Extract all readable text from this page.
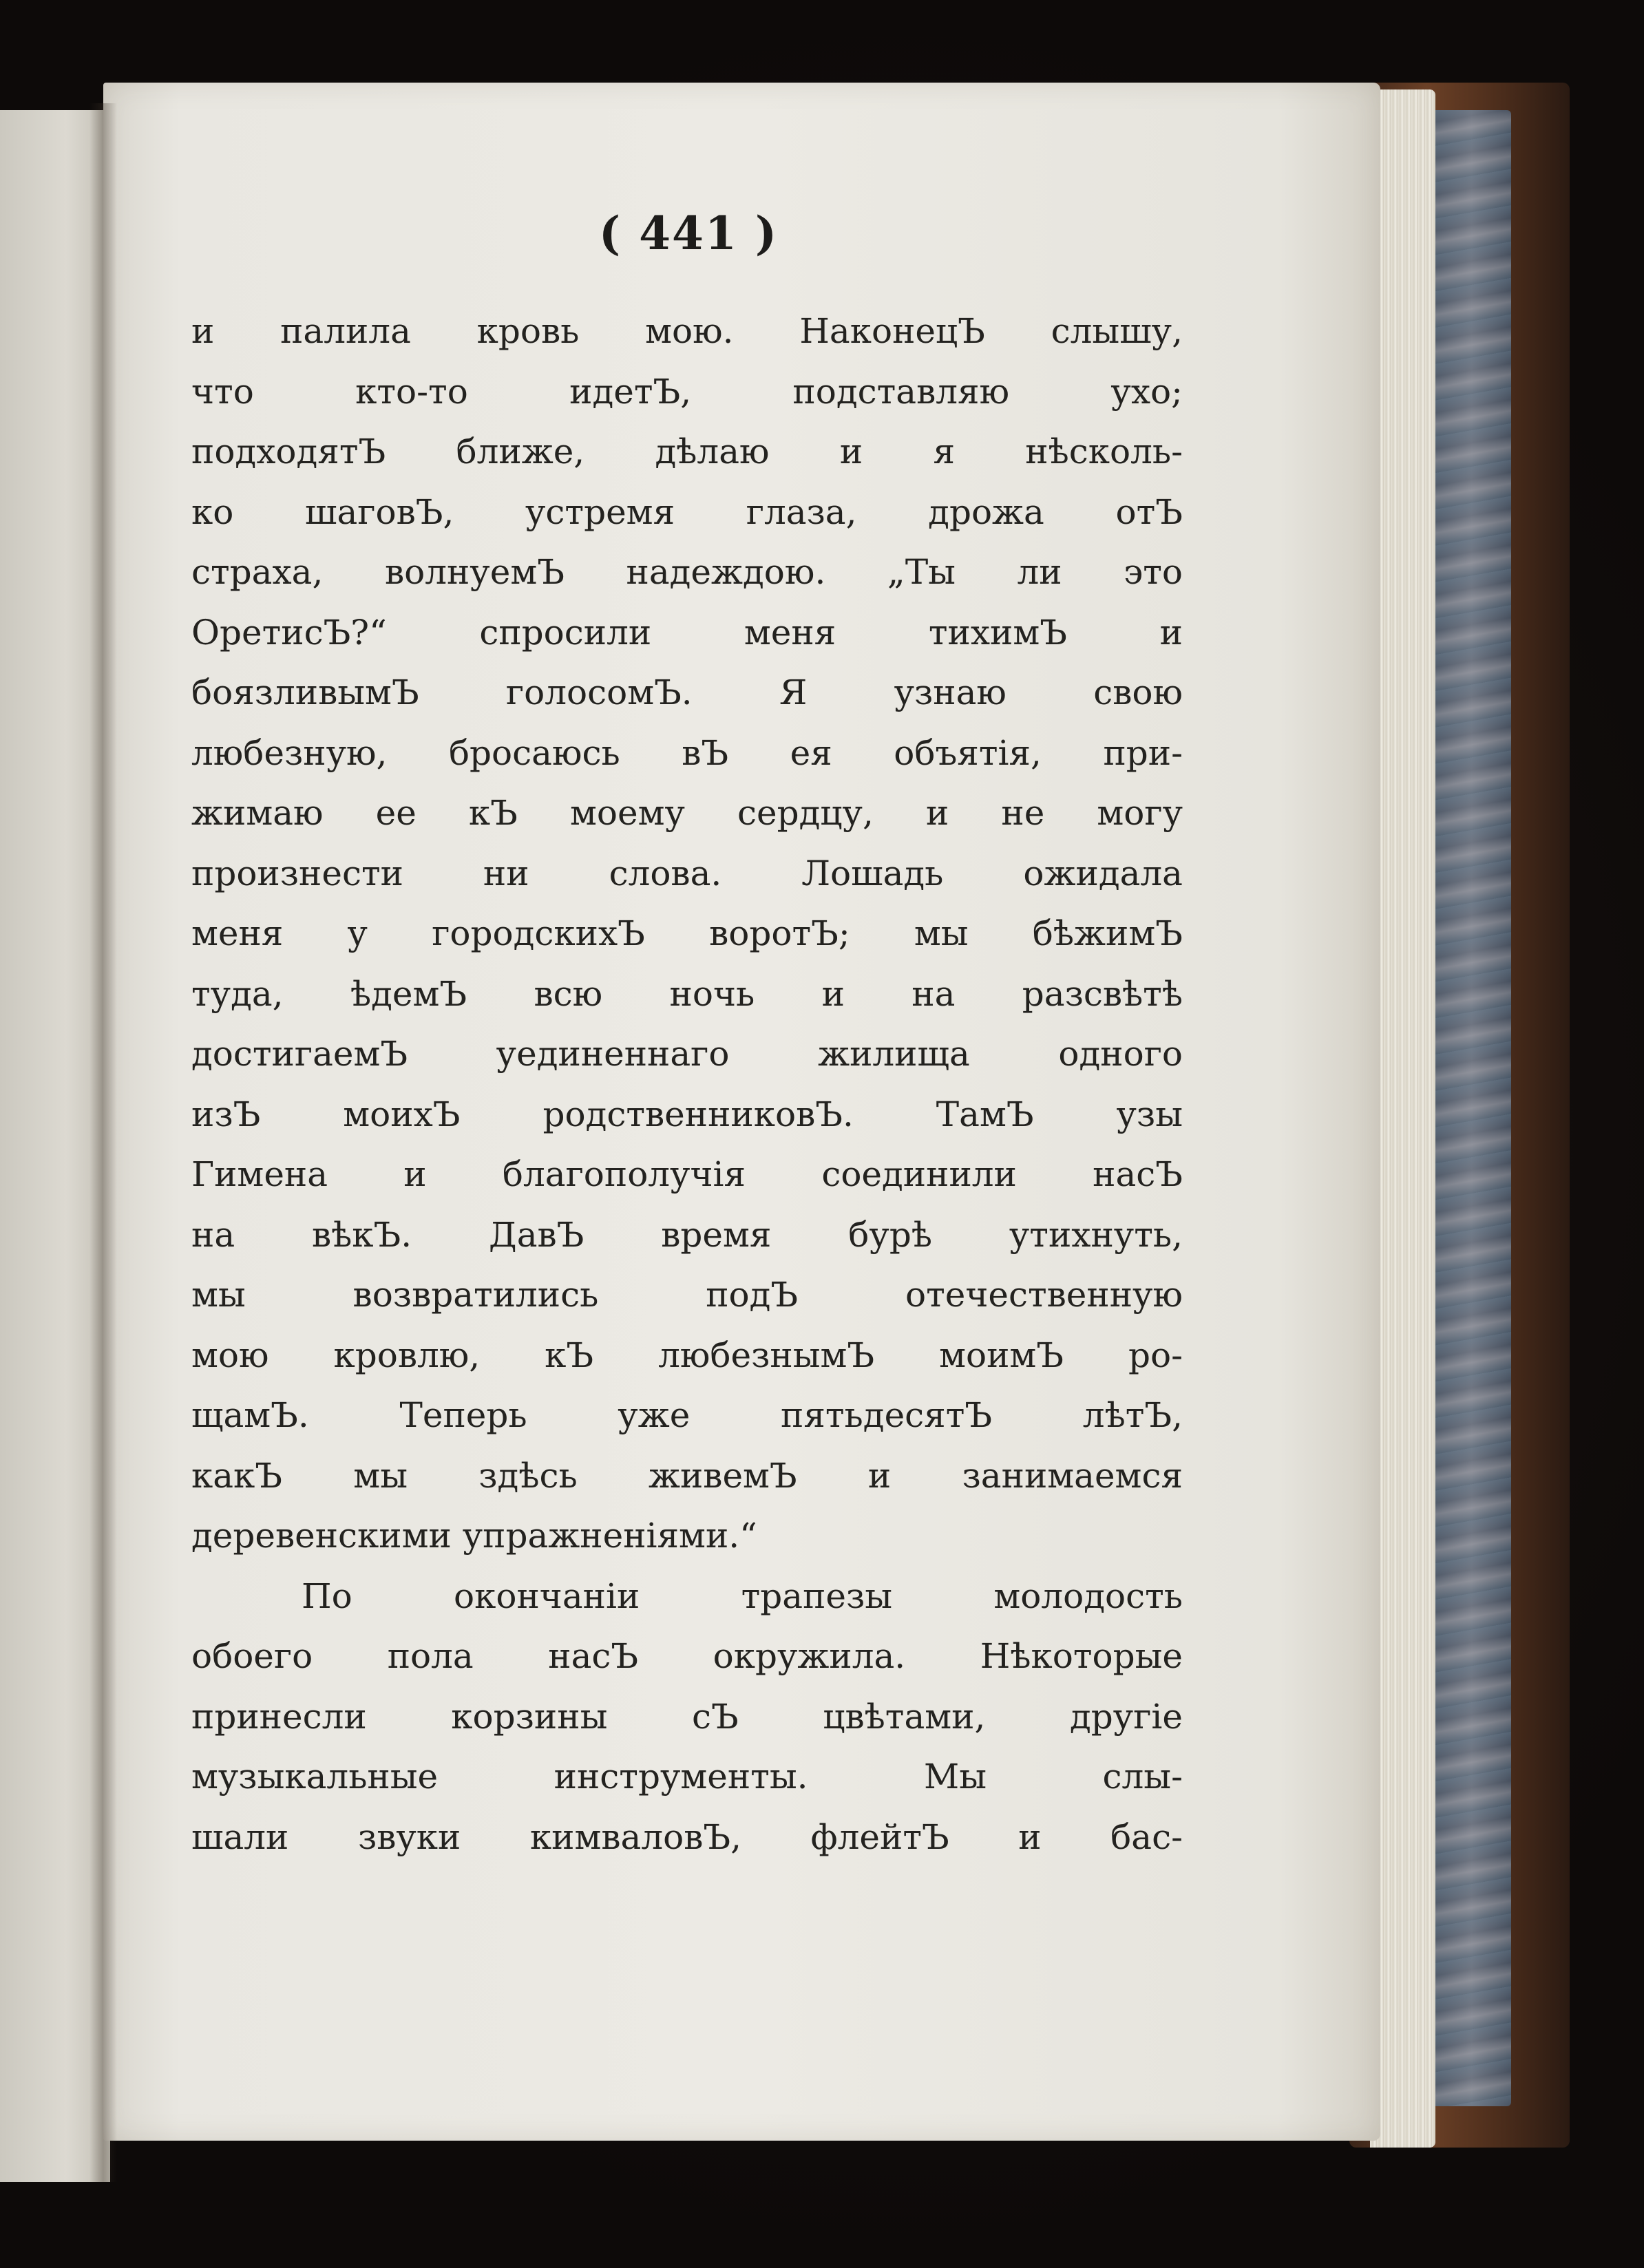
( 441 )
и палила кровь мою. НаконецЪ слышу,
что кто-то идетЪ, подставляю ухо;
подходятЪ ближе, дѣлаю и я нѣсколь-
ко шаговЪ, устремя глаза, дрожа отЪ
страха, волнуемЪ надеждою. „Ты ли это
ОретисЪ?“ спросили меня тихимЪ и
боязливымЪ голосомЪ. Я узнаю свою
любезную, бросаюсь вЪ ея объятія, при-
жимаю ее кЪ моему сердцу, и не могу
произнести ни слова. Лошадь ожидала
меня у городскихЪ воротЪ; мы бѣжимЪ
туда, ѣдемЪ всю ночь и на разсвѣтѣ
достигаемЪ уединеннаго жилища одного
изЪ моихЪ родственниковЪ. ТамЪ узы
Гимена и благополучія соединили насЪ
на вѣкЪ. ДавЪ время бурѣ утихнуть,
мы возвратились подЪ отечественную
мою кровлю, кЪ любезнымЪ моимЪ ро-
щамЪ. Теперь уже пятьдесятЪ лѣтЪ,
какЪ мы здѣсь живемЪ и занимаемся
деревенскими упражненіями.“
По окончаніи трапезы молодость
обоего пола насЪ окружила. Нѣкоторые
принесли корзины сЪ цвѣтами, другіе
музыкальные инструменты. Мы слы-
шали звуки кимваловЪ, флейтЪ и бас-
